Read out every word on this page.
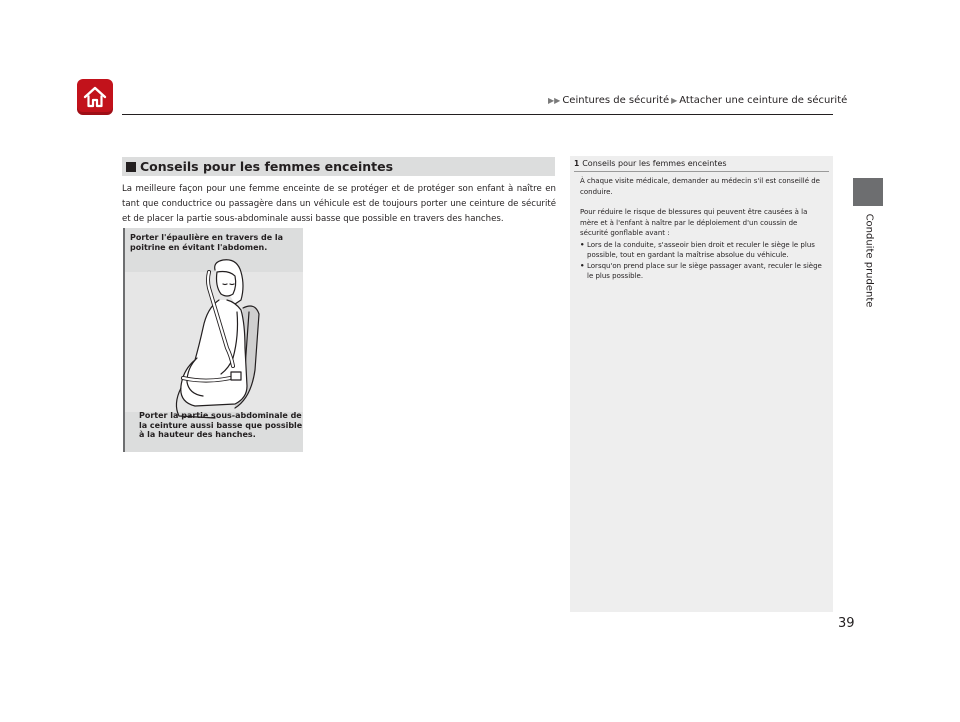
▶▶ Ceintures de sécurité ▶ Attacher une ceinture de sécurité
Conduite prudente
Conseils pour les femmes enceintes

La meilleure façon pour une femme enceinte de se protéger et de protéger son enfant à naître en tant que conductrice ou passagère dans un véhicule est de toujours porter une ceinture de sécurité et de placer la partie sous-abdominale aussi basse que possible en travers des hanches.

Porter l'épaulière en travers de la poitrine en évitant l'abdomen.
Porter la partie sous-abdominale de la ceinture aussi basse que possible à la hauteur des hanches.
1 Conseils pour les femmes enceintes

À chaque visite médicale, demander au médecin s'il est conseillé de conduire.

Pour réduire le risque de blessures qui peuvent être causées à la mère et à l'enfant à naître par le déploiement d'un coussin de sécurité gonflable avant :

• Lors de la conduite, s'asseoir bien droit et reculer le siège le plus possible, tout en gardant la maîtrise absolue du véhicule.
• Lorsqu'on prend place sur le siège passager avant, reculer le siège le plus possible.
39
